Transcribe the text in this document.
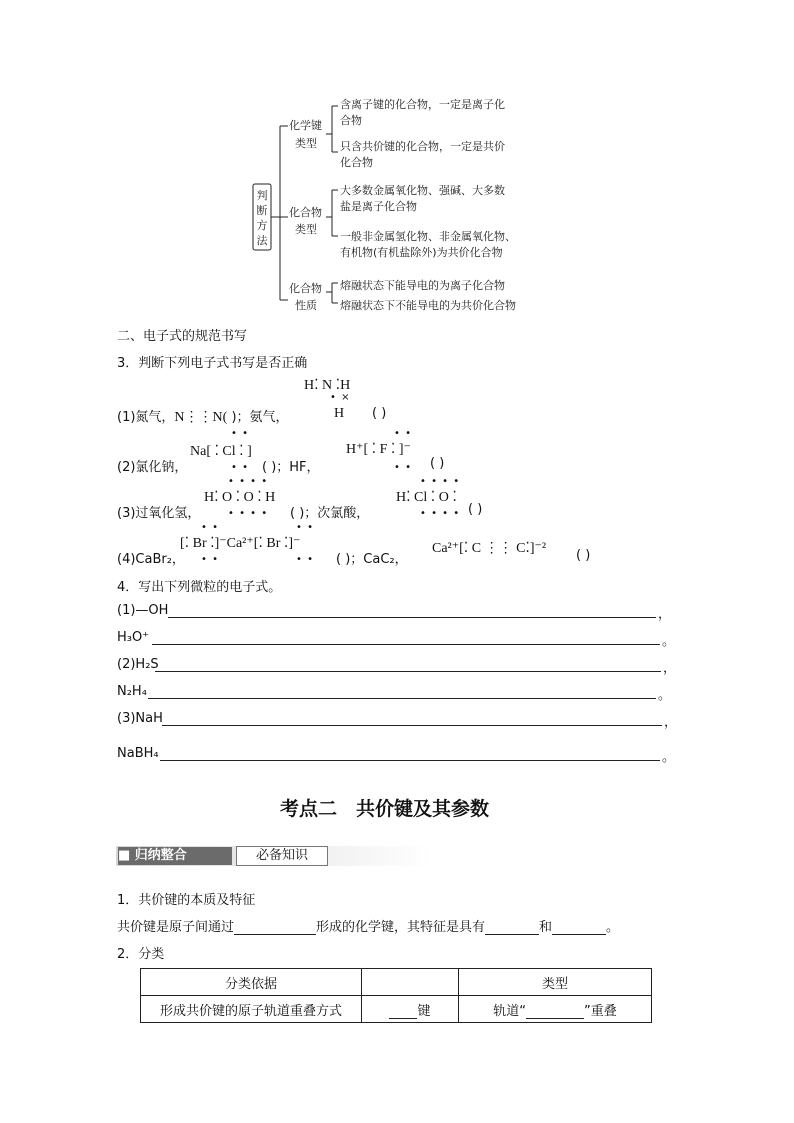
判断方法
化学键
类型
化合物
类型
化合物
性质
含离子键的化合物，一定是离子化
合物
只含共价键的化合物，一定是共价
化合物
大多数金属氧化物、强碱、大多数
盐是离子化合物
一般非金属氢化物、非金属氧化物、
有机物(有机盐除外)为共价化合物
熔融状态下能导电的为离子化合物
熔融状态下不能导电的为共价化合物
二、电子式的规范书写
3．判断下列电子式书写是否正确
H⁚ N ⁚H
• ×
(1)氮气，N⋮⋮N( )；氨气，	H ( )
• •	• •
H⁺[ ⁚ F ⁚ ]⁻
(2)氯化钠，
Na[ ⁚ Cl ⁚ ]
• • ( )；HF，	• • ( )
• • • •	• • • •
H⁚ O ⁚ O ⁚ H	H⁚ Cl ⁚ O ⁚
(3)过氧化氢，	• • • • ( )；次氯酸，	• • • • ( )
• •	• •
[⁚ Br ⁚]⁻Ca²⁺[⁚ Br ⁚]⁻	Ca²⁺[⁚ C ⋮⋮ C⁚]⁻²
(4)CaBr₂， • •	• • ( )；CaC₂，	( )
4．写出下列微粒的电子式。
(1)—OH	，
H₃O⁺	。
(2)H₂S	，
N₂H₄	。
(3)NaH	，
NaBH₄	。
考点二　共价键及其参数
■ 归纳整合	必备知识
1．共价键的本质及特征
共价键是原子间通过	形成的化学键，其特征是具有	和	。
2．分类
分类依据		类型
形成共价键的原子轨道重叠方式	键	轨道“ ”重叠
